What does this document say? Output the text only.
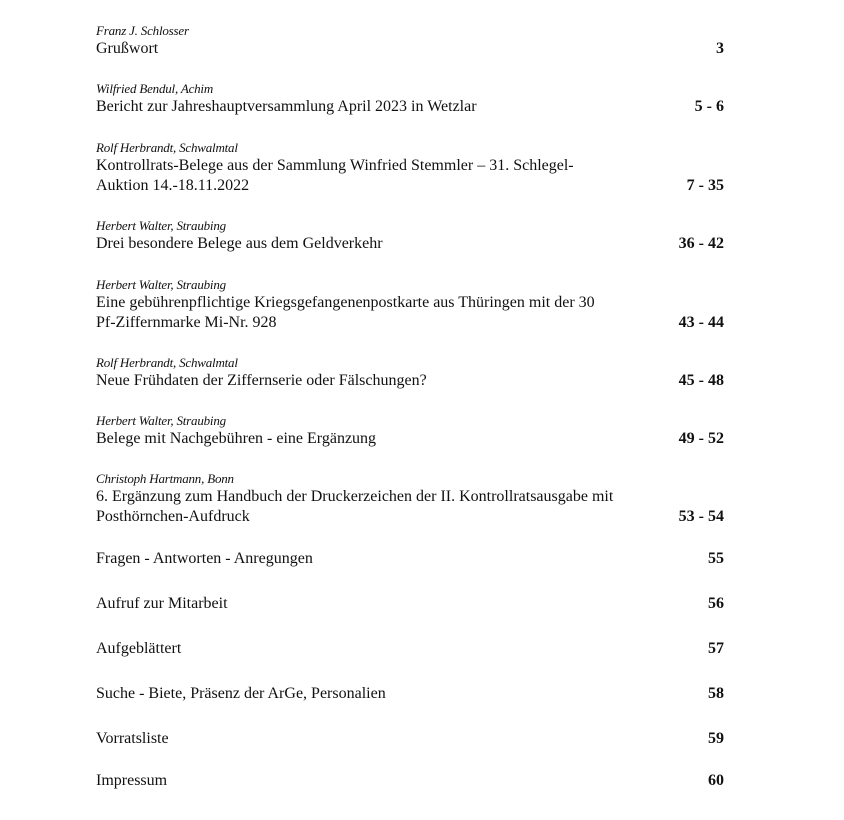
Franz J. Schlosser
Grußwort	3
Wilfried Bendul, Achim
Bericht zur Jahreshauptversammlung April 2023 in Wetzlar	5 - 6
Rolf Herbrandt, Schwalmtal
Kontrollrats-Belege aus der Sammlung Winfried Stemmler – 31. Schlegel-Auktion 14.-18.11.2022	7 - 35
Herbert Walter, Straubing
Drei besondere Belege aus dem Geldverkehr	36 - 42
Herbert Walter, Straubing
Eine gebührenpflichtige Kriegsgefangenenpostkarte aus Thüringen mit der 30 Pf-Ziffernmarke Mi-Nr. 928	43 - 44
Rolf Herbrandt, Schwalmtal
Neue Frühdaten der Ziffernserie oder Fälschungen?	45 - 48
Herbert Walter, Straubing
Belege mit Nachgebühren - eine Ergänzung	49 - 52
Christoph Hartmann, Bonn
6. Ergänzung zum Handbuch der Druckerzeichen der II. Kontrollratsausgabe mit Posthörnchen-Aufdruck	53 - 54
Fragen - Antworten - Anregungen	55
Aufruf zur Mitarbeit	56
Aufgeblättert	57
Suche - Biete, Präsenz der ArGe, Personalien	58
Vorratsliste	59
Impressum	60
